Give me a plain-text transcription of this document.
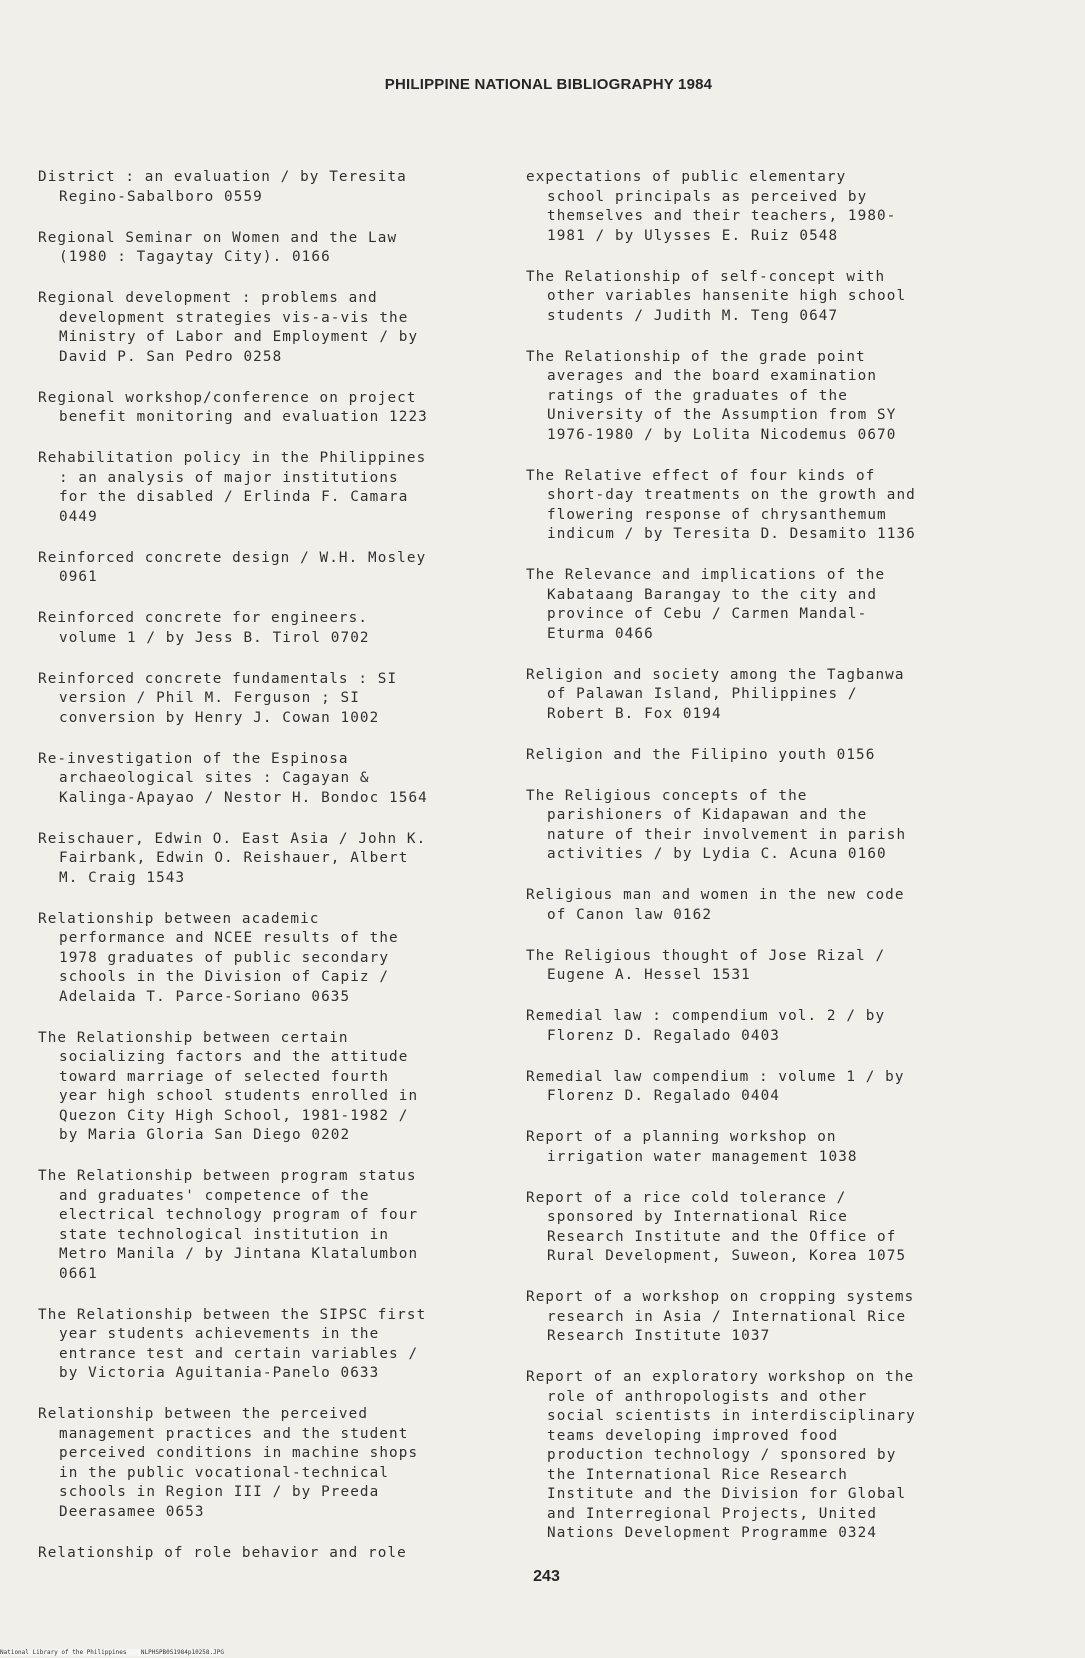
PHILIPPINE NATIONAL BIBLIOGRAPHY 1984
District : an evaluation / by Teresita
Regino-Sabalboro 0559
Regional Seminar on Women and the Law
(1980 : Tagaytay City). 0166
Regional development : problems and
development strategies vis-a-vis the
Ministry of Labor and Employment / by
David P. San Pedro 0258
Regional workshop/conference on project
benefit monitoring and evaluation 1223
Rehabilitation policy in the Philippines
: an analysis of major institutions
for the disabled / Erlinda F. Camara
0449
Reinforced concrete design / W.H. Mosley
0961
Reinforced concrete for engineers.
volume 1 / by Jess B. Tirol 0702
Reinforced concrete fundamentals : SI
version / Phil M. Ferguson ; SI
conversion by Henry J. Cowan 1002
Re-investigation of the Espinosa
archaeological sites : Cagayan &
Kalinga-Apayao / Nestor H. Bondoc 1564
Reischauer, Edwin O. East Asia / John K.
Fairbank, Edwin O. Reishauer, Albert
M. Craig 1543
Relationship between academic
performance and NCEE results of the
1978 graduates of public secondary
schools in the Division of Capiz /
Adelaida T. Parce-Soriano 0635
The Relationship between certain
socializing factors and the attitude
toward marriage of selected fourth
year high school students enrolled in
Quezon City High School, 1981-1982 /
by Maria Gloria San Diego 0202
The Relationship between program status
and graduates' competence of the
electrical technology program of four
state technological institution in
Metro Manila / by Jintana Klatalumbon
0661
The Relationship between the SIPSC first
year students achievements in the
entrance test and certain variables /
by Victoria Aguitania-Panelo 0633
Relationship between the perceived
management practices and the student
perceived conditions in machine shops
in the public vocational-technical
schools in Region III / by Preeda
Deerasamee 0653
Relationship of role behavior and role
expectations of public elementary
school principals as perceived by
themselves and their teachers, 1980-
1981 / by Ulysses E. Ruiz 0548
The Relationship of self-concept with
other variables hansenite high school
students / Judith M. Teng 0647
The Relationship of the grade point
averages and the board examination
ratings of the graduates of the
University of the Assumption from SY
1976-1980 / by Lolita Nicodemus 0670
The Relative effect of four kinds of
short-day treatments on the growth and
flowering response of chrysanthemum
indicum / by Teresita D. Desamito 1136
The Relevance and implications of the
Kabataang Barangay to the city and
province of Cebu / Carmen Mandal-
Eturma 0466
Religion and society among the Tagbanwa
of Palawan Island, Philippines /
Robert B. Fox 0194
Religion and the Filipino youth 0156
The Religious concepts of the
parishioners of Kidapawan and the
nature of their involvement in parish
activities / by Lydia C. Acuna 0160
Religious man and women in the new code
of Canon law 0162
The Religious thought of Jose Rizal /
Eugene A. Hessel 1531
Remedial law : compendium vol. 2 / by
Florenz D. Regalado 0403
Remedial law compendium : volume 1 / by
Florenz D. Regalado 0404
Report of a planning workshop on
irrigation water management 1038
Report of a rice cold tolerance /
sponsored by International Rice
Research Institute and the Office of
Rural Development, Suweon, Korea 1075
Report of a workshop on cropping systems
research in Asia / International Rice
Research Institute 1037
Report of an exploratory workshop on the
role of anthropologists and other
social scientists in interdisciplinary
teams developing improved food
production technology / sponsored by
the International Rice Research
Institute and the Division for Global
and Interregional Projects, United
Nations Development Programme 0324
243
National Library of the Philippines    NLPHSPB0S1984p10258.JPG
